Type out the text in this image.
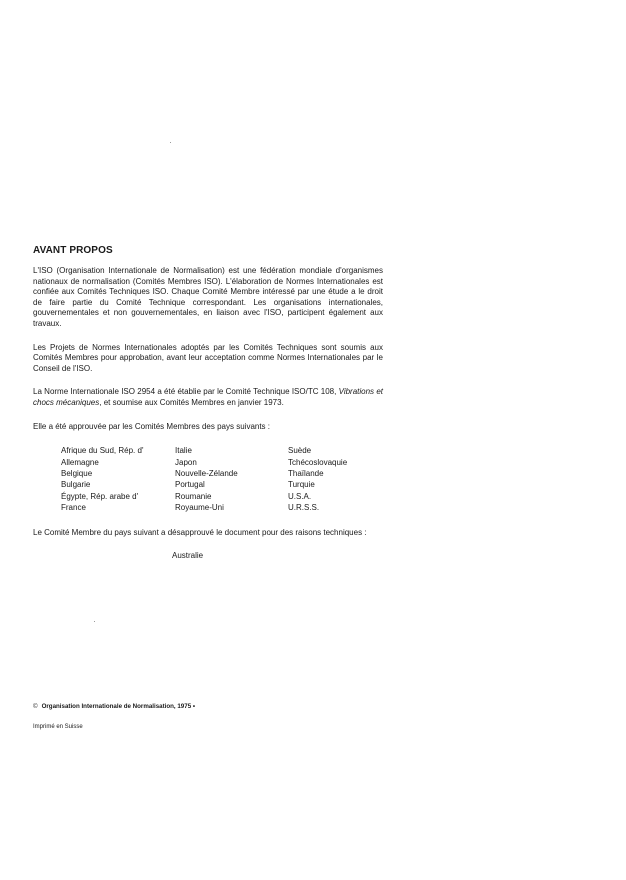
AVANT PROPOS

L'ISO (Organisation Internationale de Normalisation) est une fédération mondiale d'organismes nationaux de normalisation (Comités Membres ISO). L'élaboration de Normes Internationales est confiée aux Comités Techniques ISO. Chaque Comité Membre intéressé par une étude a le droit de faire partie du Comité Technique correspondant. Les organisations internationales, gouvernementales et non gouvernementales, en liaison avec l'ISO, participent également aux travaux.

Les Projets de Normes Internationales adoptés par les Comités Techniques sont soumis aux Comités Membres pour approbation, avant leur acceptation comme Normes Internationales par le Conseil de l'ISO.

La Norme Internationale ISO 2954 a été établie par le Comité Technique ISO/TC 108, Vibrations et chocs mécaniques, et soumise aux Comités Membres en janvier 1973.

Elle a été approuvée par les Comités Membres des pays suivants :

Afrique du Sud, Rép. d'	Italie	Suède
Allemagne	Japon	Tchécoslovaquie
Belgique	Nouvelle-Zélande	Thaïlande
Bulgarie	Portugal	Turquie
Égypte, Rép. arabe d'	Roumanie	U.S.A.
France	Royaume-Uni	U.R.S.S.

Le Comité Membre du pays suivant a désapprouvé le document pour des raisons techniques :

Australie
© Organisation Internationale de Normalisation, 1975 •
Imprimé en Suisse
